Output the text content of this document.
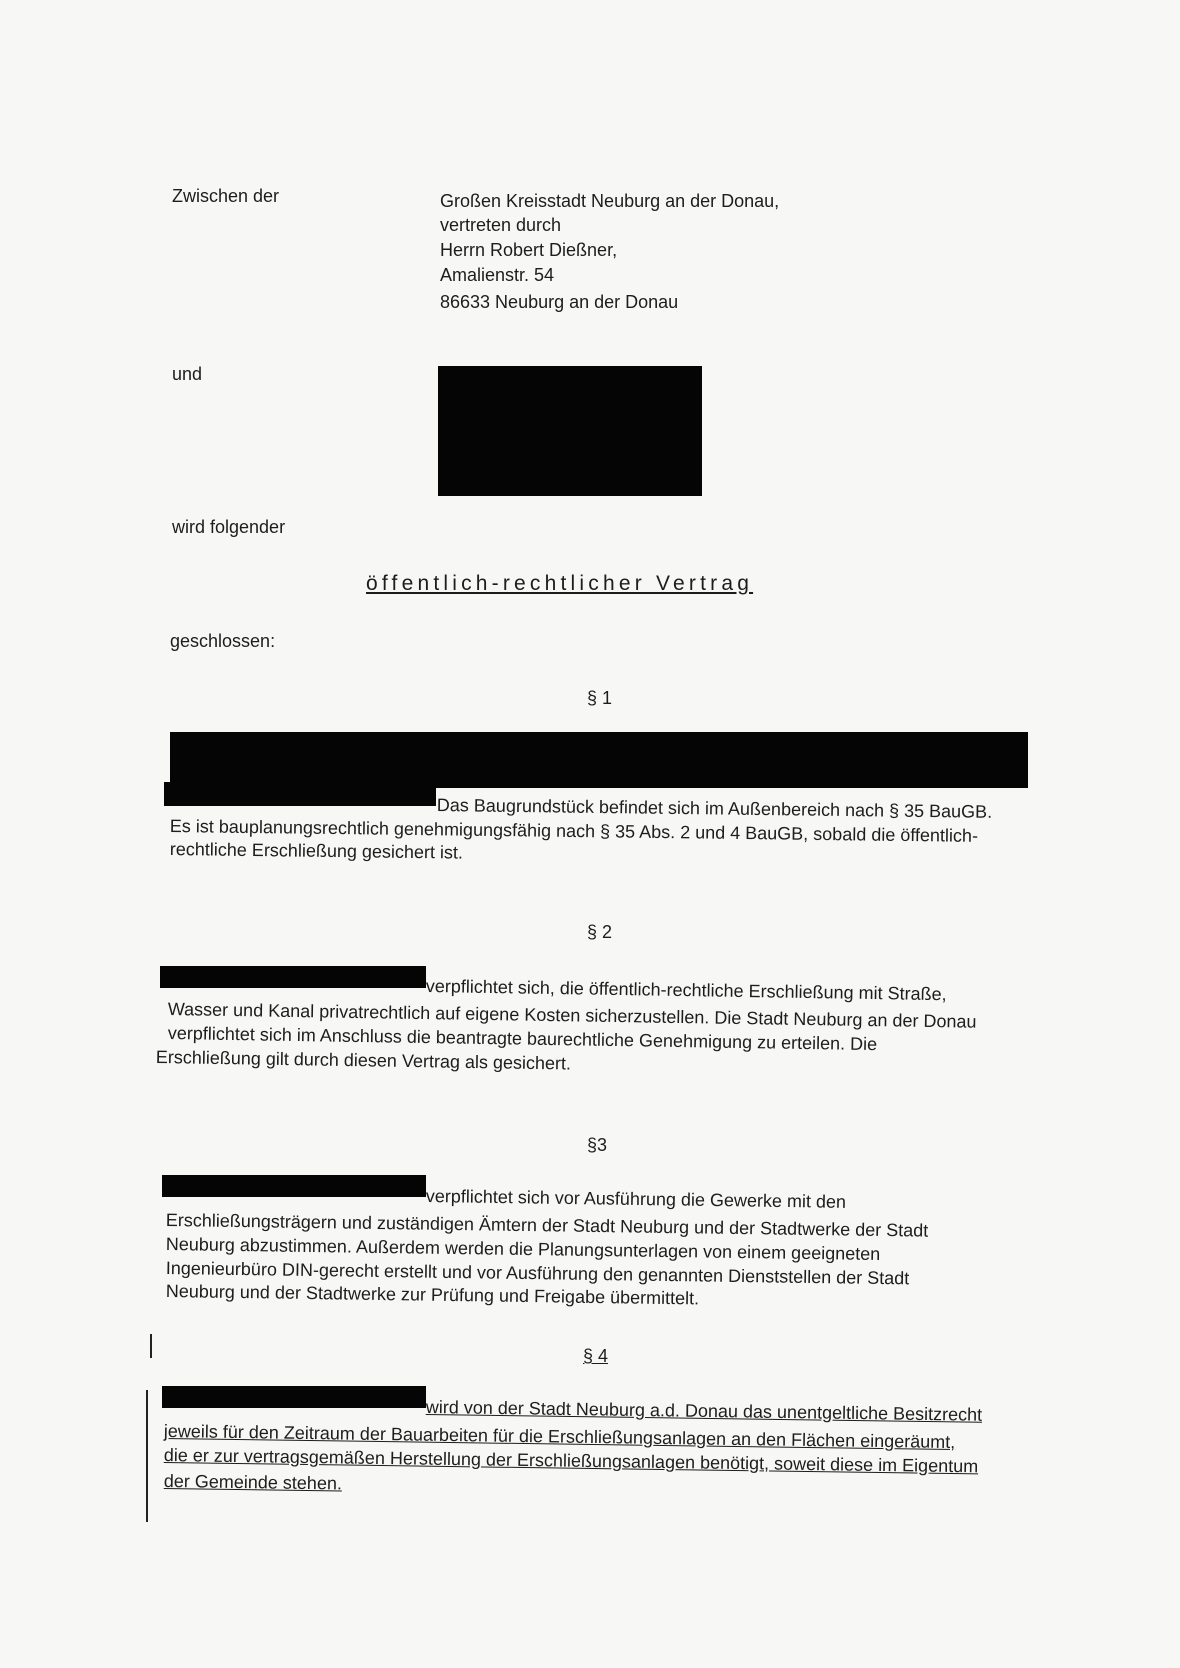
Zwischen der	Großen Kreisstadt Neuburg an der Donau,
vertreten durch
Herrn Robert Dießner,
Amalienstr. 54
86633 Neuburg an der Donau
und
wird folgender
öffentlich-rechtlicher Vertrag
geschlossen:
§ 1
Das Baugrundstück befindet sich im Außenbereich nach § 35 BauGB.
Es ist bauplanungsrechtlich genehmigungsfähig nach § 35 Abs. 2 und 4 BauGB, sobald die öffentlich-
rechtliche Erschließung gesichert ist.
§ 2
verpflichtet sich, die öffentlich-rechtliche Erschließung mit Straße,
Wasser und Kanal privatrechtlich auf eigene Kosten sicherzustellen. Die Stadt Neuburg an der Donau
verpflichtet sich im Anschluss die beantragte baurechtliche Genehmigung zu erteilen. Die
Erschließung gilt durch diesen Vertrag als gesichert.
§3
verpflichtet sich vor Ausführung die Gewerke mit den
Erschließungsträgern und zuständigen Ämtern der Stadt Neuburg und der Stadtwerke der Stadt
Neuburg abzustimmen. Außerdem werden die Planungsunterlagen von einem geeigneten
Ingenieurbüro DIN-gerecht erstellt und vor Ausführung den genannten Dienststellen der Stadt
Neuburg und der Stadtwerke zur Prüfung und Freigabe übermittelt.
§ 4
wird von der Stadt Neuburg a.d. Donau das unentgeltliche Besitzrecht
jeweils für den Zeitraum der Bauarbeiten für die Erschließungsanlagen an den Flächen eingeräumt,
die er zur vertragsgemäßen Herstellung der Erschließungsanlagen benötigt, soweit diese im Eigentum
der Gemeinde stehen.
